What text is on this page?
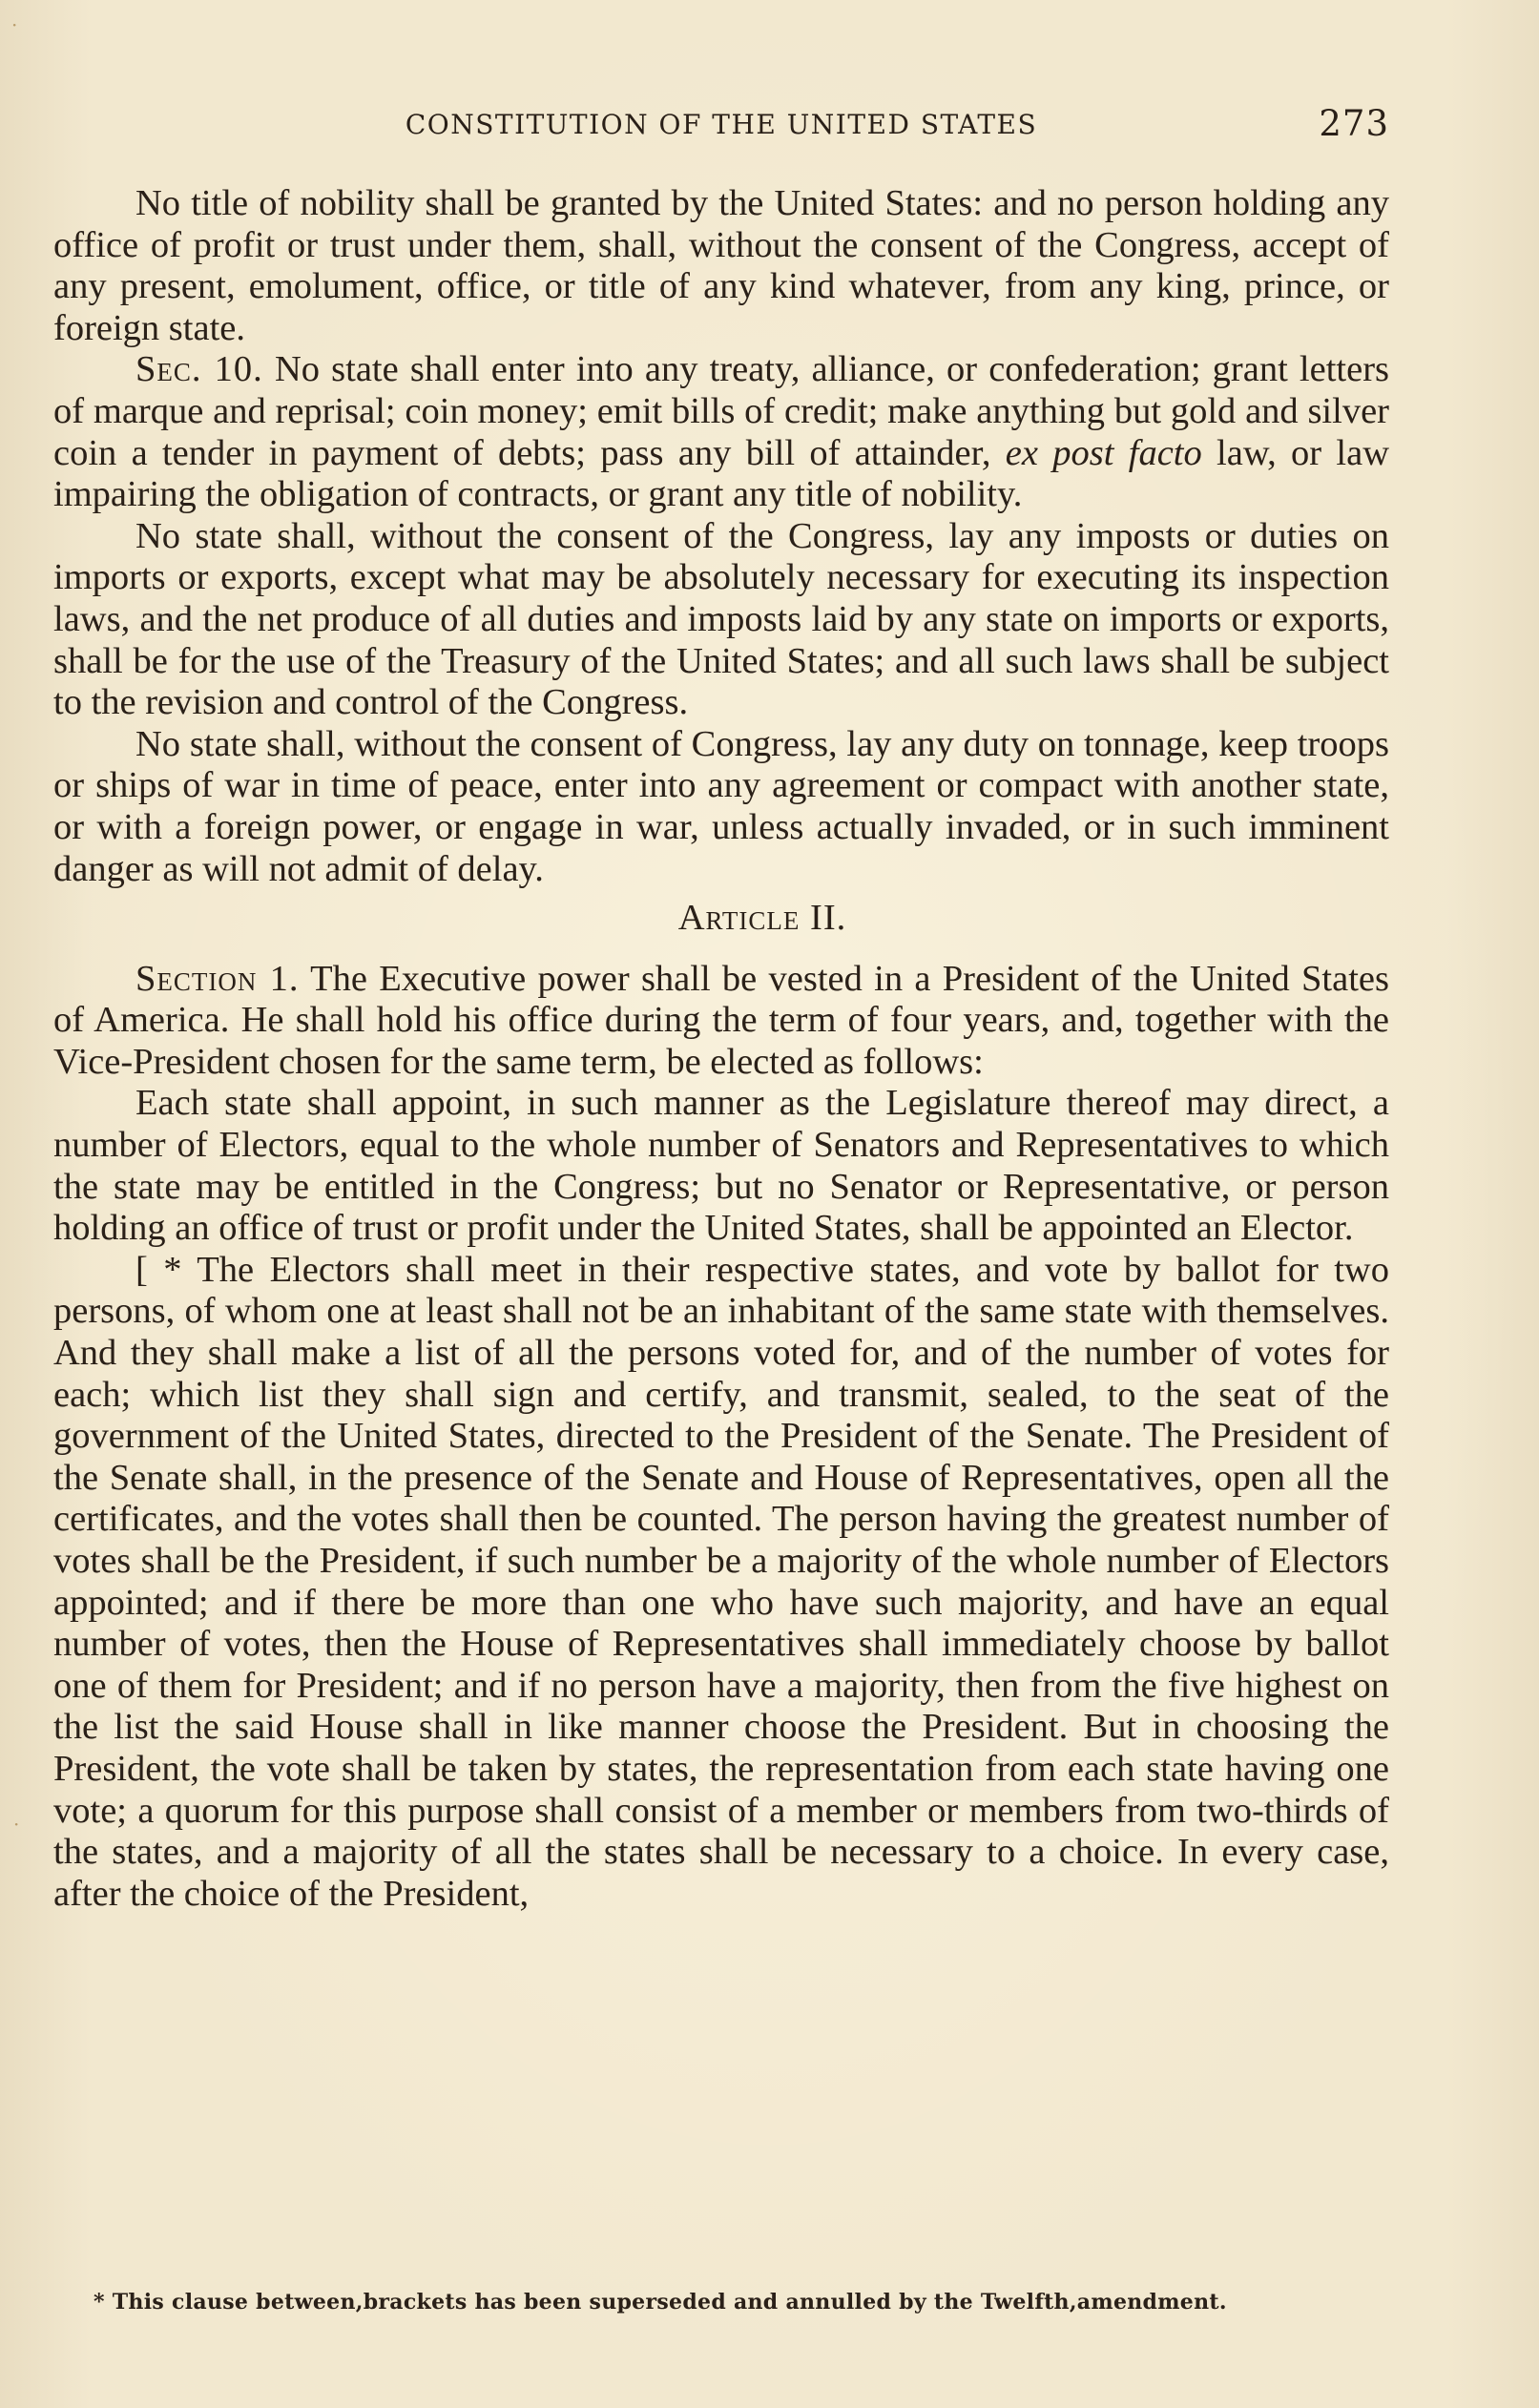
CONSTITUTION OF THE UNITED STATES	273

No title of nobility shall be granted by the United States: and no person holding any office of profit or trust under them, shall, without the consent of the Congress, accept of any present, emolument, office, or title of any kind whatever, from any king, prince, or foreign state.

Sec. 10. No state shall enter into any treaty, alliance, or confederation; grant letters of marque and reprisal; coin money; emit bills of credit; make anything but gold and silver coin a tender in payment of debts; pass any bill of attainder, ex post facto law, or law impairing the obligation of contracts, or grant any title of nobility.

No state shall, without the consent of the Congress, lay any imposts or duties on imports or exports, except what may be absolutely necessary for executing its inspection laws, and the net produce of all duties and imposts laid by any state on imports or exports, shall be for the use of the Treasury of the United States; and all such laws shall be subject to the revision and control of the Congress.

No state shall, without the consent of Congress, lay any duty on tonnage, keep troops or ships of war in time of peace, enter into any agreement or compact with another state, or with a foreign power, or engage in war, unless actually invaded, or in such imminent danger as will not admit of delay.

Article II.

Section 1. The Executive power shall be vested in a President of the United States of America. He shall hold his office during the term of four years, and, together with the Vice-President chosen for the same term, be elected as follows:

Each state shall appoint, in such manner as the Legislature thereof may direct, a number of Electors, equal to the whole number of Senators and Representatives to which the state may be entitled in the Congress; but no Senator or Representative, or person holding an office of trust or profit under the United States, shall be appointed an Elector.

[ * The Electors shall meet in their respective states, and vote by ballot for two persons, of whom one at least shall not be an inhabitant of the same state with themselves. And they shall make a list of all the persons voted for, and of the number of votes for each; which list they shall sign and certify, and transmit, sealed, to the seat of the government of the United States, directed to the President of the Senate. The President of the Senate shall, in the presence of the Senate and House of Representatives, open all the certificates, and the votes shall then be counted. The person having the greatest number of votes shall be the President, if such number be a majority of the whole number of Electors appointed; and if there be more than one who have such majority, and have an equal number of votes, then the House of Representatives shall immediately choose by ballot one of them for President; and if no person have a majority, then from the five highest on the list the said House shall in like manner choose the President. But in choosing the President, the vote shall be taken by states, the representation from each state having one vote; a quorum for this purpose shall consist of a member or members from two-thirds of the states, and a majority of all the states shall be necessary to a choice. In every case, after the choice of the President,

* This clause between,brackets has been superseded and annulled by the Twelfth,amendment.
·
·
